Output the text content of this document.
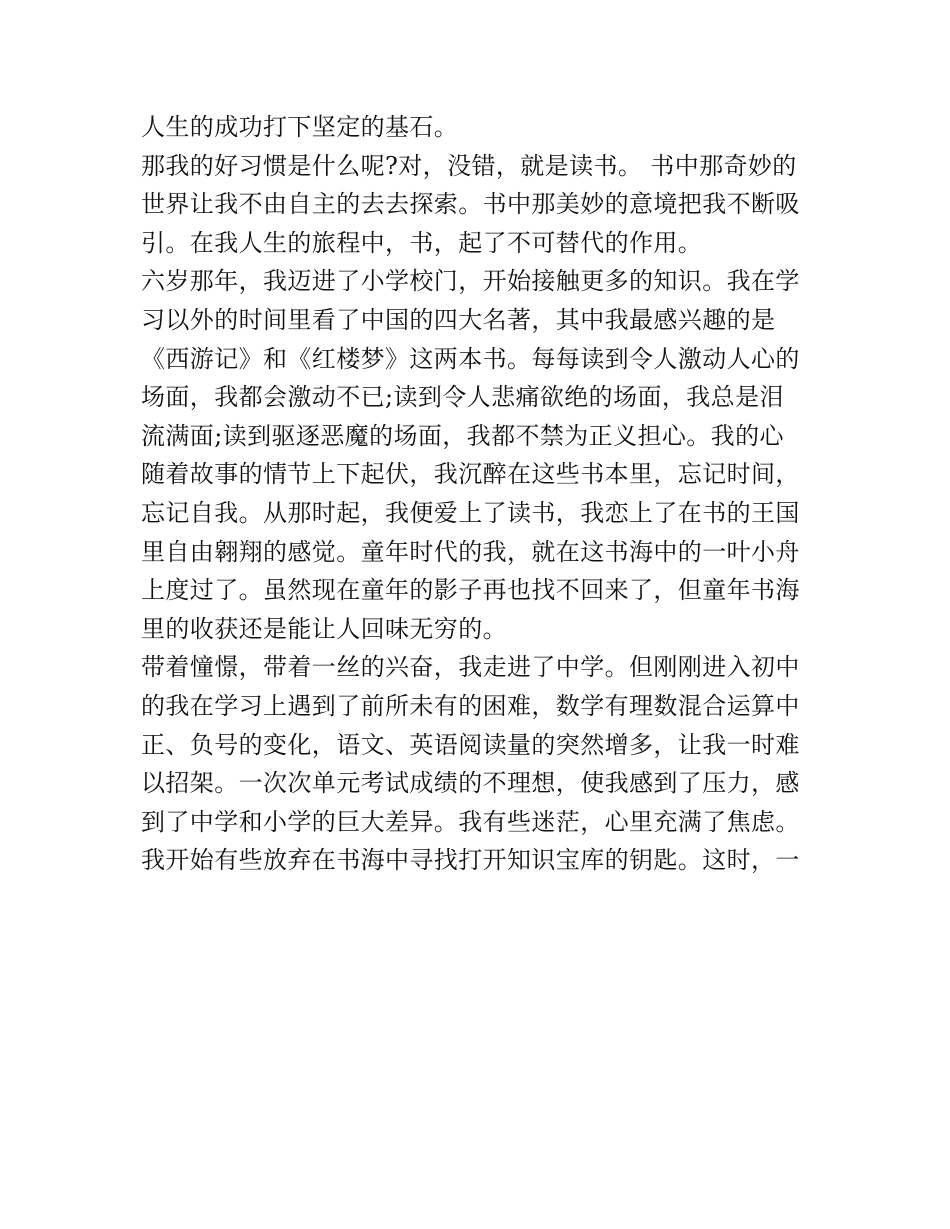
人生的成功打下坚定的基石。
那我的好习惯是什么呢?对，没错，就是读书。 书中那奇妙的
世界让我不由自主的去去探索。书中那美妙的意境把我不断吸
引。在我人生的旅程中，书，起了不可替代的作用。
六岁那年，我迈进了小学校门，开始接触更多的知识。我在学
习以外的时间里看了中国的四大名著，其中我最感兴趣的是
《西游记》和《红楼梦》这两本书。每每读到令人激动人心的
场面，我都会激动不已;读到令人悲痛欲绝的场面，我总是泪
流满面;读到驱逐恶魔的场面，我都不禁为正义担心。我的心
随着故事的情节上下起伏，我沉醉在这些书本里，忘记时间，
忘记自我。从那时起，我便爱上了读书，我恋上了在书的王国
里自由翱翔的感觉。童年时代的我，就在这书海中的一叶小舟
上度过了。虽然现在童年的影子再也找不回来了，但童年书海
里的收获还是能让人回味无穷的。
带着憧憬，带着一丝的兴奋，我走进了中学。但刚刚进入初中
的我在学习上遇到了前所未有的困难，数学有理数混合运算中
正、负号的变化，语文、英语阅读量的突然增多，让我一时难
以招架。一次次单元考试成绩的不理想，使我感到了压力，感
到了中学和小学的巨大差异。我有些迷茫，心里充满了焦虑。
我开始有些放弃在书海中寻找打开知识宝库的钥匙。这时，一
